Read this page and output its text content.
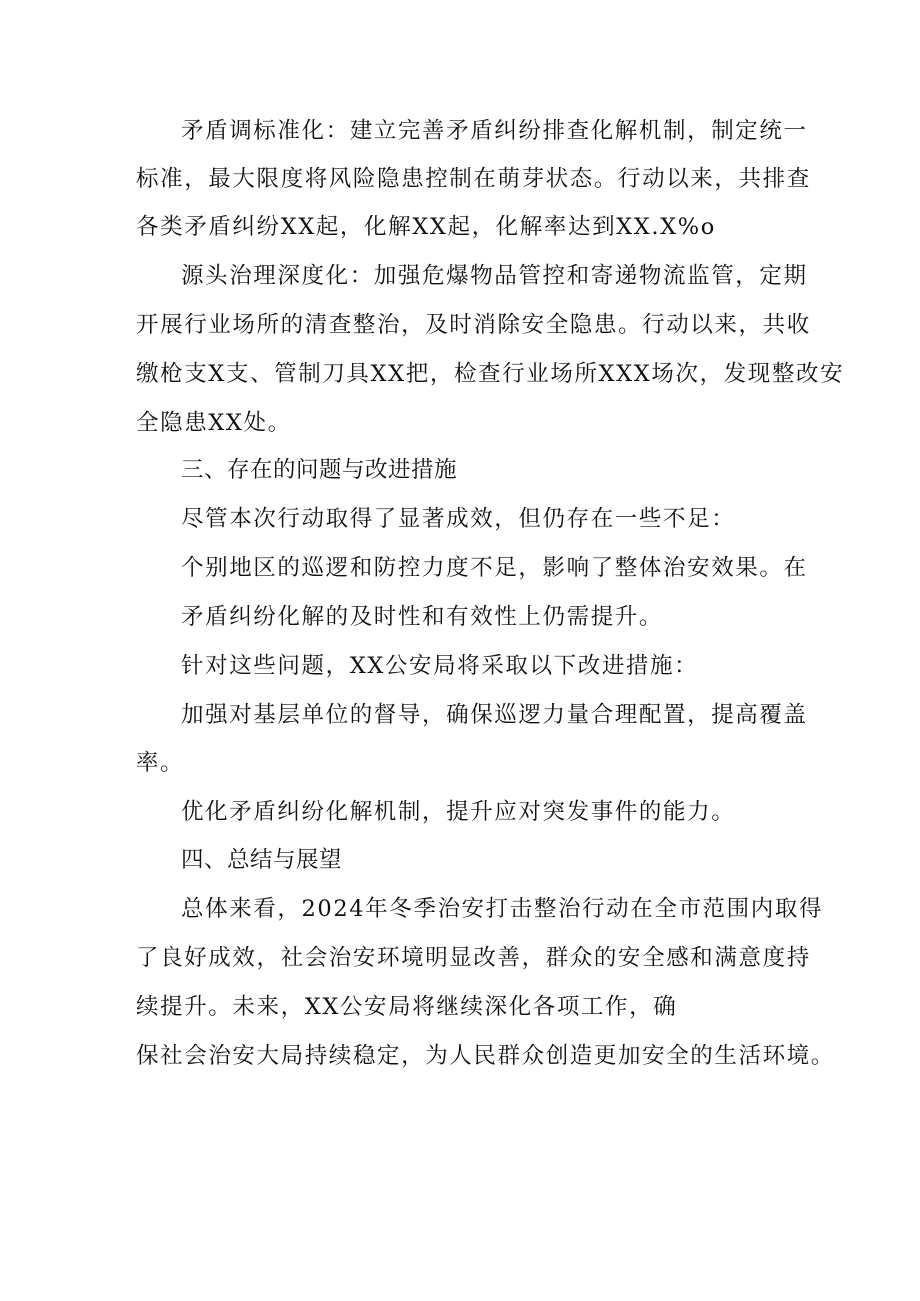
矛盾调标准化：建立完善矛盾纠纷排查化解机制，制定统一
标准，最大限度将风险隐患控制在萌芽状态。行动以来，共排查
各类矛盾纠纷XX起，化解XX起，化解率达到XX.X%o
源头治理深度化：加强危爆物品管控和寄递物流监管，定期
开展行业场所的清查整治，及时消除安全隐患。行动以来，共收
缴枪支X支、管制刀具XX把，检查行业场所XXX场次，发现整改安
全隐患XX处。
三、存在的问题与改进措施
尽管本次行动取得了显著成效，但仍存在一些不足：
个别地区的巡逻和防控力度不足，影响了整体治安效果。在
矛盾纠纷化解的及时性和有效性上仍需提升。
针对这些问题，XX公安局将采取以下改进措施：
加强对基层单位的督导，确保巡逻力量合理配置，提高覆盖
率。
优化矛盾纠纷化解机制，提升应对突发事件的能力。
四、总结与展望
总体来看，2024年冬季治安打击整治行动在全市范围内取得
了良好成效，社会治安环境明显改善，群众的安全感和满意度持
续提升。未来，XX公安局将继续深化各项工作，确
保社会治安大局持续稳定，为人民群众创造更加安全的生活环境。
